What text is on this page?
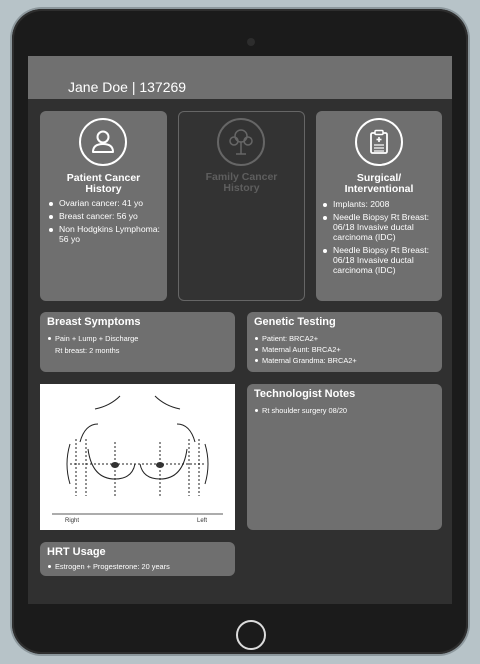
Jane Doe | 137269
Patient Cancer History
Ovarian cancer: 41 yo
Breast cancer: 56 yo
Non Hodgkins Lymphoma: 56 yo
Family Cancer History
Surgical/ Interventional
Implants: 2008
Needle Biopsy Rt Breast: 06/18 Invasive ductal carcinoma (IDC)
Needle Biopsy Rt Breast: 06/18 Invasive ductal carcinoma (IDC)
Breast Symptoms
Pain + Lump + Discharge
Rt breast: 2 months
Genetic Testing
Patient: BRCA2+
Maternal Aunt: BRCA2+
Maternal Grandma: BRCA2+
Right	Left
Technologist Notes
Rt shoulder surgery 08/20
HRT Usage
Estrogen + Progesterone: 20 years
